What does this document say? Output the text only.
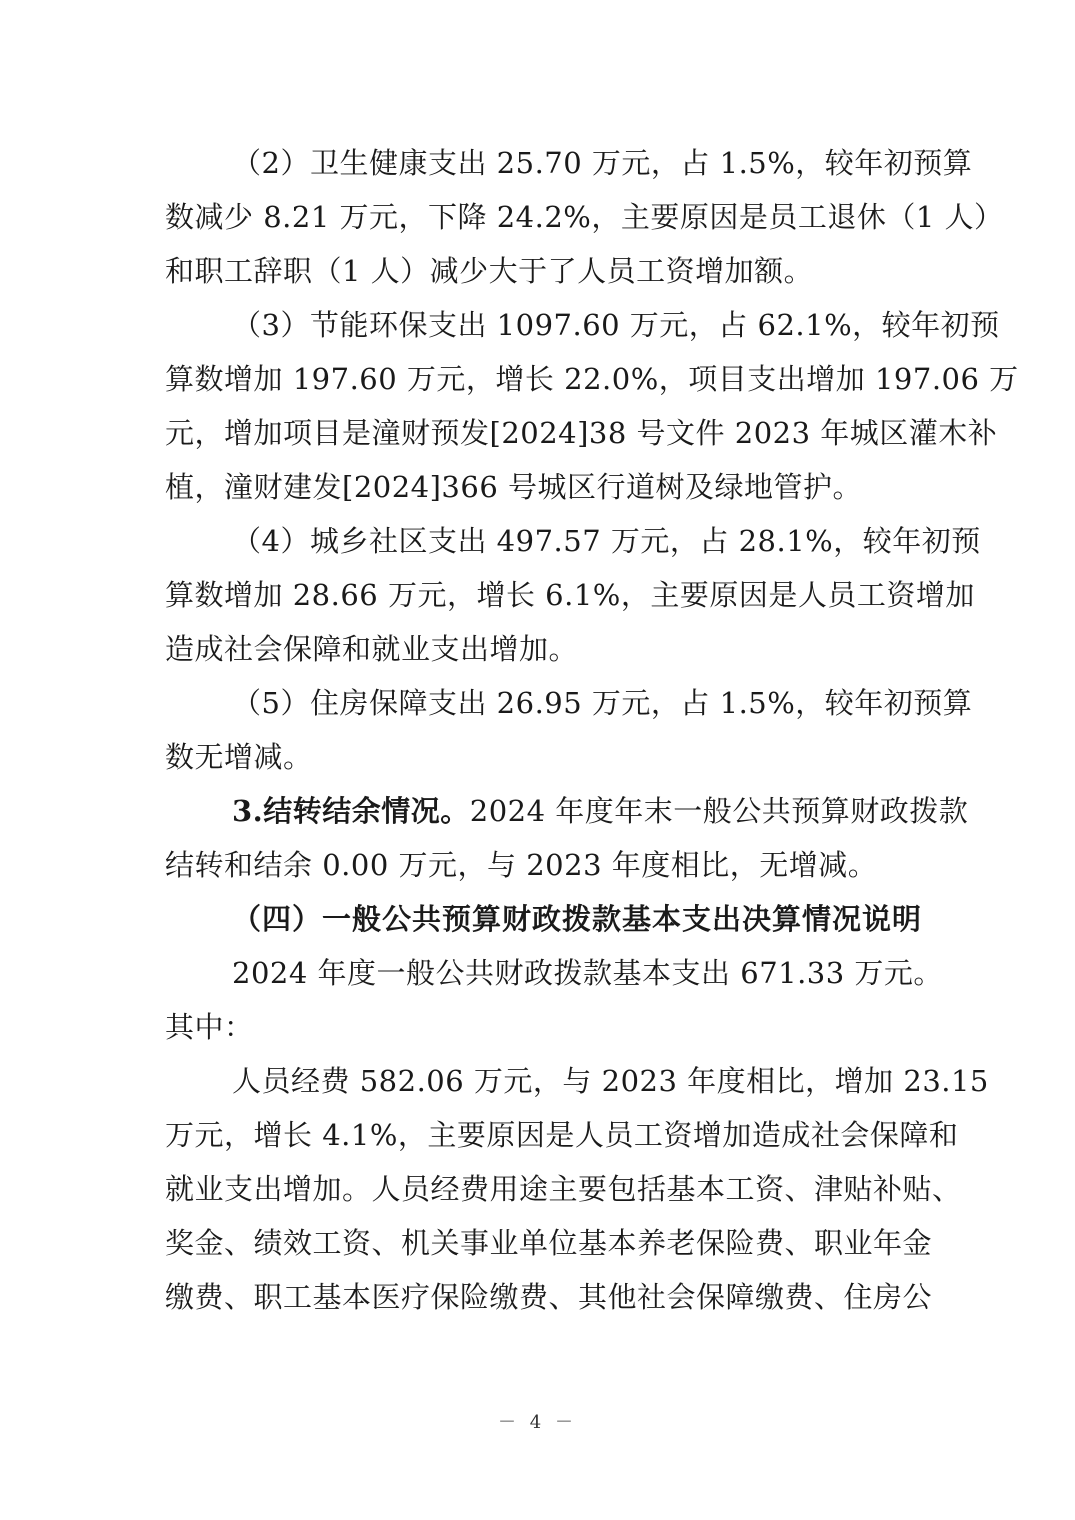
（2）卫生健康支出 25.70 万元，占 1.5%，较年初预算
数减少 8.21 万元，下降 24.2%，主要原因是员工退休（1 人）
和职工辞职（1 人）减少大于了人员工资增加额。
（3）节能环保支出 1097.60 万元，占 62.1%，较年初预
算数增加 197.60 万元，增长 22.0%，项目支出增加 197.06 万
元，增加项目是潼财预发[2024]38 号文件 2023 年城区灌木补
植，潼财建发[2024]366 号城区行道树及绿地管护。
（4）城乡社区支出 497.57 万元，占 28.1%，较年初预
算数增加 28.66 万元，增长 6.1%，主要原因是人员工资增加
造成社会保障和就业支出增加。
（5）住房保障支出 26.95 万元，占 1.5%，较年初预算
数无增减。
3.结转结余情况。2024 年度年末一般公共预算财政拨款
结转和结余 0.00 万元，与 2023 年度相比，无增减。
（四）一般公共预算财政拨款基本支出决算情况说明
2024 年度一般公共财政拨款基本支出 671.33 万元。
其中：
人员经费 582.06 万元，与 2023 年度相比，增加 23.15
万元，增长 4.1%，主要原因是人员工资增加造成社会保障和
就业支出增加。人员经费用途主要包括基本工资、津贴补贴、
奖金、绩效工资、机关事业单位基本养老保险费、职业年金
缴费、职工基本医疗保险缴费、其他社会保障缴费、住房公
－ 4 －
